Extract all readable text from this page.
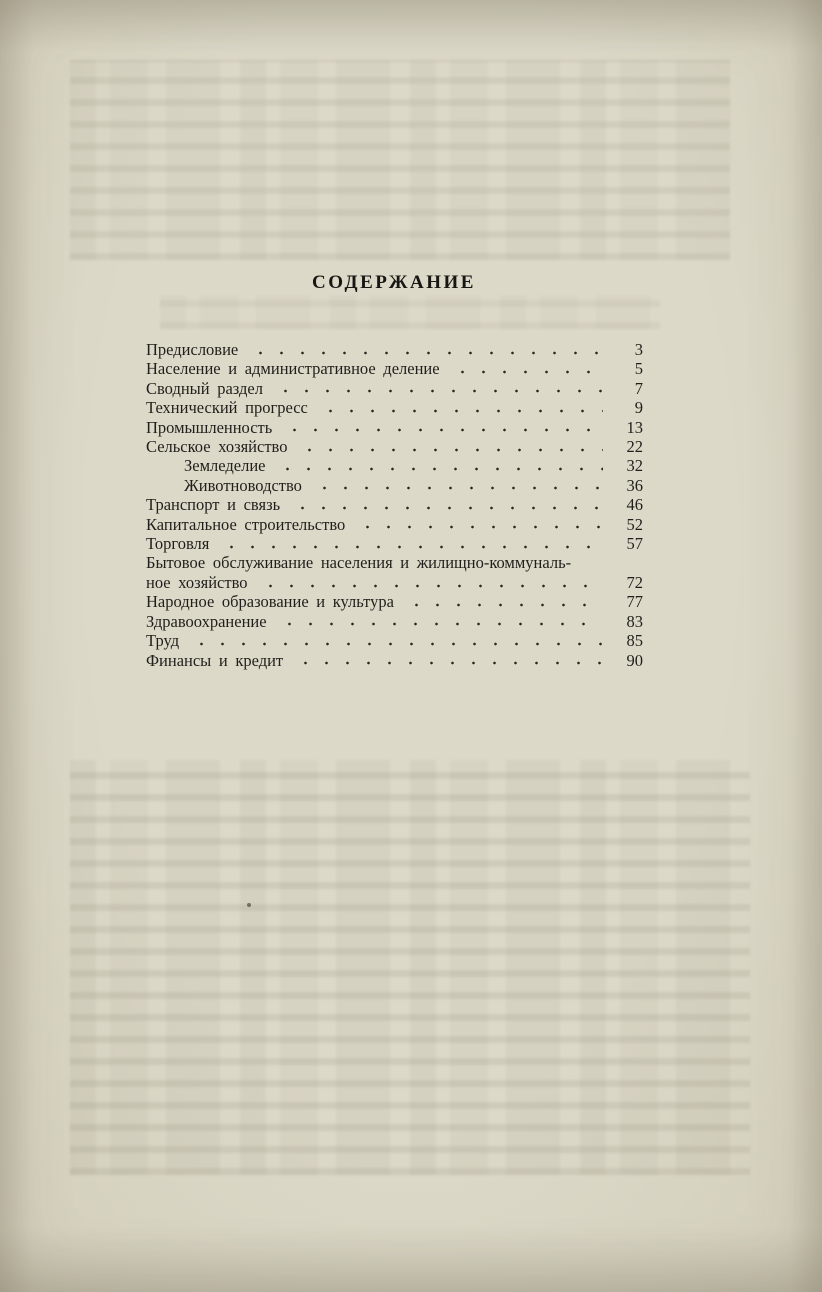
СОДЕРЖАНИЕ
Предисловие	3
Население и административное деление	5
Сводный раздел	7
Технический прогресс	9
Промышленность	13
Сельское хозяйство	22
Земледелие	32
Животноводство	36
Транспорт и связь	46
Капитальное строительство	52
Торговля	57
Бытовое обслуживание населения и жилищно-коммуналь-
ное хозяйство	72
Народное образование и культура	77
Здравоохранение	83
Труд	85
Финансы и кредит	90
